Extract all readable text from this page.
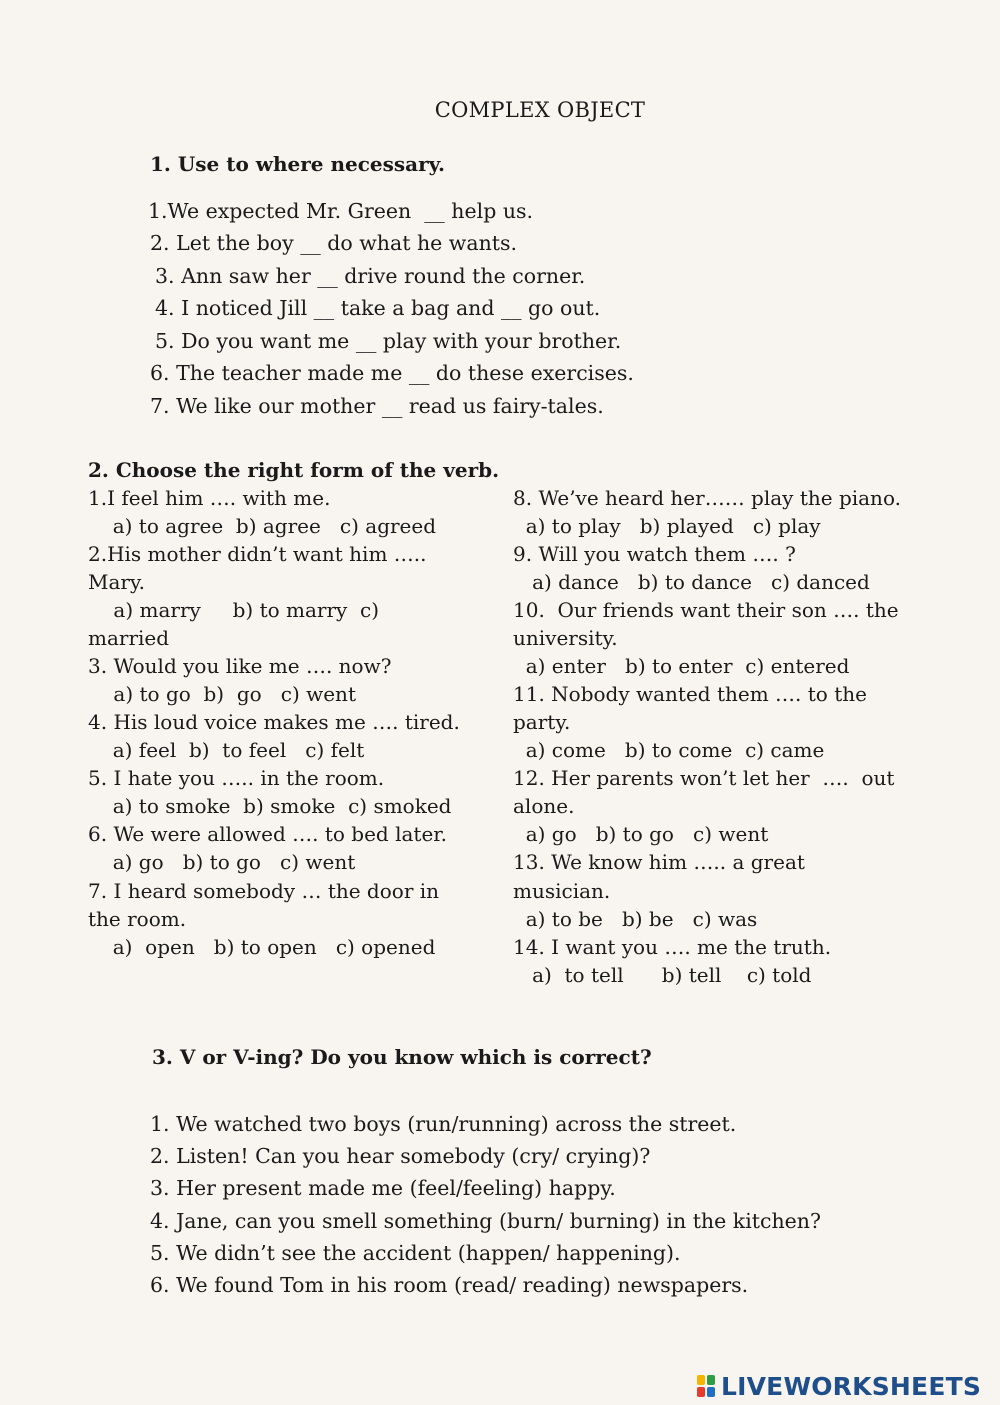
COMPLEX OBJECT
1. Use to where necessary.
1.We expected Mr. Green  __ help us.
2. Let the boy __ do what he wants.
3. Ann saw her __ drive round the corner.
4. I noticed Jill __ take a bag and __ go out.
5. Do you want me __ play with your brother.
6. The teacher made me __ do these exercises.
7. We like our mother __ read us fairy-tales.
2. Choose the right form of the verb.
1.I feel him …. with me.
a) to agree  b) agree   c) agreed
2.His mother didn’t want him …..
Mary.
a) marry     b) to marry  c)
married
3. Would you like me …. now?
a) to go  b)  go   c) went
4. His loud voice makes me …. tired.
a) feel  b)  to feel   c) felt
5. I hate you ….. in the room.
a) to smoke  b) smoke  c) smoked
6. We were allowed …. to bed later.
a) go   b) to go   c) went
7. I heard somebody … the door in
the room.
a)  open   b) to open   c) opened
8. We’ve heard her…… play the piano.
a) to play   b) played   c) play
9. Will you watch them …. ?
a) dance   b) to dance   c) danced
10.  Our friends want their son …. the
university.
a) enter   b) to enter  c) entered
11. Nobody wanted them …. to the
party.
a) come   b) to come  c) came
12. Her parents won’t let her  ….  out
alone.
a) go   b) to go   c) went
13. We know him ….. a great
musician.
a) to be   b) be   c) was
14. I want you …. me the truth.
a)  to tell      b) tell    c) told
3. V or V-ing? Do you know which is correct?
1. We watched two boys (run/running) across the street.
2. Listen! Can you hear somebody (cry/ crying)?
3. Her present made me (feel/feeling) happy.
4. Jane, can you smell something (burn/ burning) in the kitchen?
5. We didn’t see the accident (happen/ happening).
6. We found Tom in his room (read/ reading) newspapers.
LIVEWORKSHEETS
